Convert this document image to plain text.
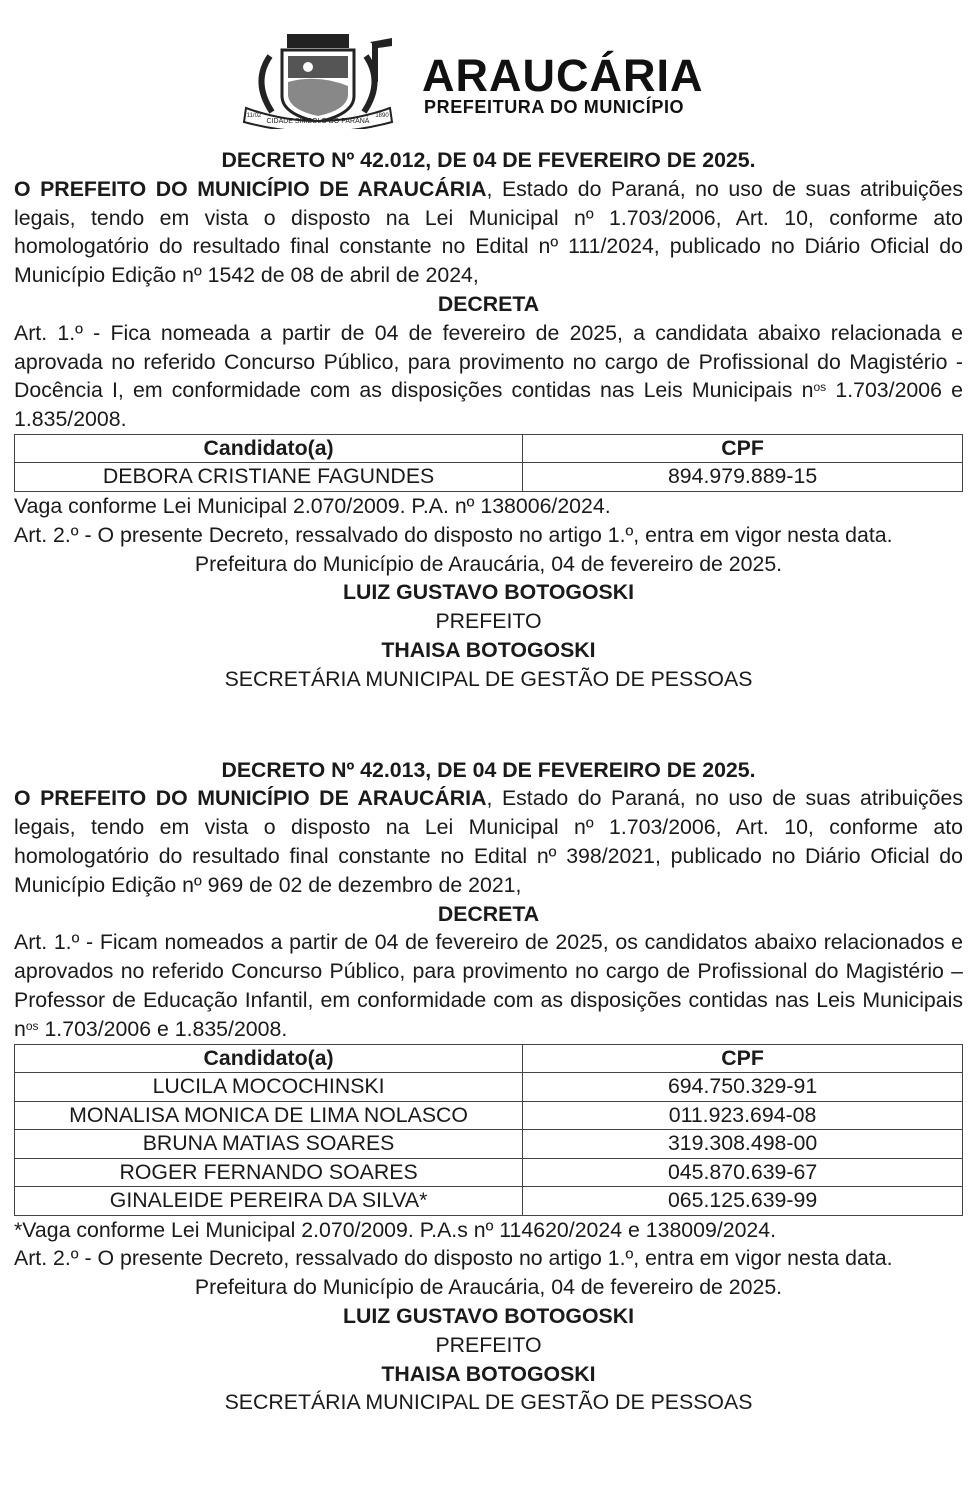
CIDADE SÍMBOLO DO PARANÁ
11/02	1890
ARAUCÁRIA
PREFEITURA DO MUNICÍPIO
DECRETO Nº 42.012, DE 04 DE FEVEREIRO DE 2025.
O PREFEITO DO MUNICÍPIO DE ARAUCÁRIA, Estado do Paraná, no uso de suas atribuições legais, tendo em vista o disposto na Lei Municipal nº 1.703/2006, Art. 10, conforme ato homologatório do resultado final constante no Edital nº 111/2024, publicado no Diário Oficial do Município Edição nº 1542 de 08 de abril de 2024,
DECRETA
Art. 1.º - Fica nomeada a partir de 04 de fevereiro de 2025, a candidata abaixo relacionada e aprovada no referido Concurso Público, para provimento no cargo de Profissional do Magistério - Docência I, em conformidade com as disposições contidas nas Leis Municipais $n^{os}$ 1.703/2006 e 1.835/2008.
Candidato(a)	CPF
DEBORA CRISTIANE FAGUNDES	894.979.889-15
Vaga conforme Lei Municipal 2.070/2009. P.A. nº 138006/2024.
Art. 2.º - O presente Decreto, ressalvado do disposto no artigo 1.º, entra em vigor nesta data.
Prefeitura do Município de Araucária, 04 de fevereiro de 2025.
LUIZ GUSTAVO BOTOGOSKI
PREFEITO
THAISA BOTOGOSKI
SECRETÁRIA MUNICIPAL DE GESTÃO DE PESSOAS
DECRETO Nº 42.013, DE 04 DE FEVEREIRO DE 2025.
O PREFEITO DO MUNICÍPIO DE ARAUCÁRIA, Estado do Paraná, no uso de suas atribuições legais, tendo em vista o disposto na Lei Municipal nº 1.703/2006, Art. 10, conforme ato homologatório do resultado final constante no Edital nº 398/2021, publicado no Diário Oficial do Município Edição nº 969 de 02 de dezembro de 2021,
DECRETA
Art. 1.º - Ficam nomeados a partir de 04 de fevereiro de 2025, os candidatos abaixo relacionados e aprovados no referido Concurso Público, para provimento no cargo de Profissional do Magistério – Professor de Educação Infantil, em conformidade com as disposições contidas nas Leis Municipais $n^{os}$ 1.703/2006 e 1.835/2008.
Candidato(a)	CPF
LUCILA MOCOCHINSKI	694.750.329-91
MONALISA MONICA DE LIMA NOLASCO	011.923.694-08
BRUNA MATIAS SOARES	319.308.498-00
ROGER FERNANDO SOARES	045.870.639-67
GINALEIDE PEREIRA DA SILVA*	065.125.639-99
*Vaga conforme Lei Municipal 2.070/2009. P.A.s nº 114620/2024 e 138009/2024.
Art. 2.º - O presente Decreto, ressalvado do disposto no artigo 1.º, entra em vigor nesta data.
Prefeitura do Município de Araucária, 04 de fevereiro de 2025.
LUIZ GUSTAVO BOTOGOSKI
PREFEITO
THAISA BOTOGOSKI
SECRETÁRIA MUNICIPAL DE GESTÃO DE PESSOAS
